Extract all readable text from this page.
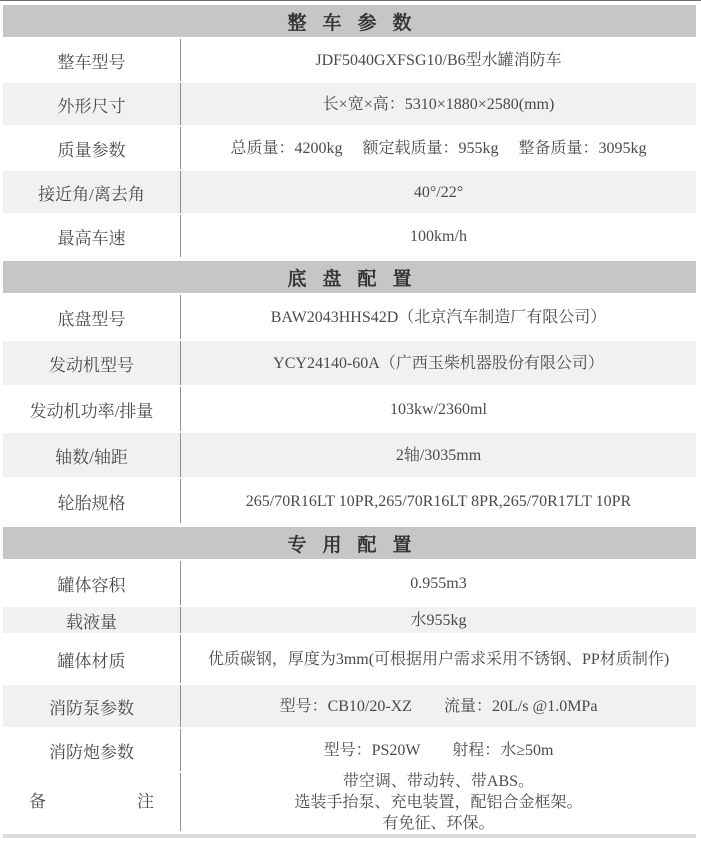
整车参数
整车型号	JDF5040GXFSG10/B6型水罐消防车
外形尺寸	长×宽×高：5310×1880×2580(mm)
质量参数	总质量：4200kg　 额定载质量：955kg　 整备质量：3095kg
接近角/离去角	40°/22°
最高车速	100km/h
底盘配置
底盘型号	BAW2043HHS42D（北京汽车制造厂有限公司）
发动机型号	YCY24140-60A（广西玉柴机器股份有限公司）
发动机功率/排量	103kw/2360ml
轴数/轴距	2轴/3035mm
轮胎规格	265/70R16LT 10PR,265/70R16LT 8PR,265/70R17LT 10PR
专用配置
罐体容积	0.955m3
载液量	水955kg
罐体材质	优质碳钢，厚度为3mm(可根据用户需求采用不锈钢、PP材质制作)
消防泵参数	型号：CB10/20-XZ　　流量：20L/s @1.0MPa
消防炮参数	型号：PS20W　　射程：水≥50m
备注
带空调、带动转、带ABS。
选装手抬泵、充电装置，配铝合金框架。
有免征、环保。
